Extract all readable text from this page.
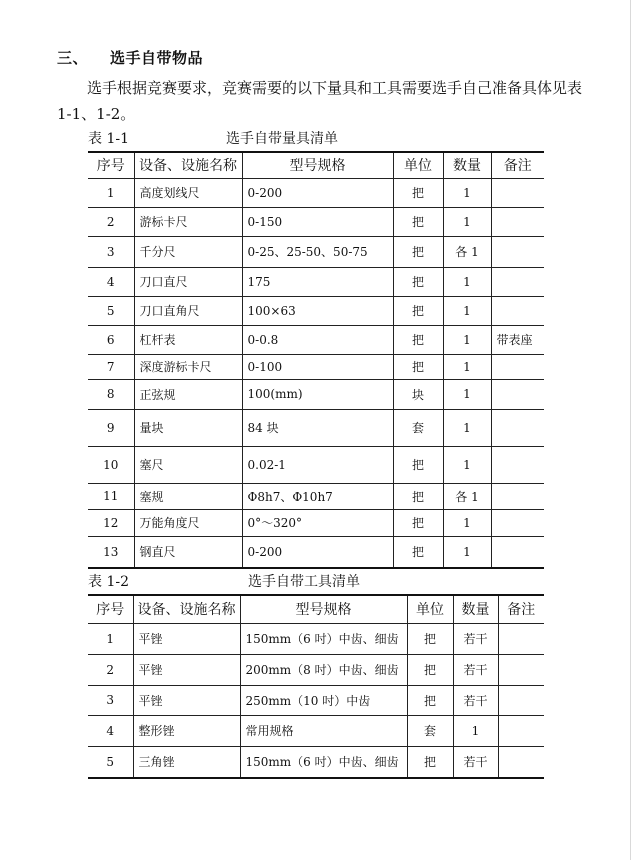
三、 选手自带物品
选手根据竞赛要求，竞赛需要的以下量具和工具需要选手自己准备具体见表1-1、1-2。
表 1-1	选手自带量具清单
序号	设备、设施名称	型号规格	单位	数量	备注
1	高度划线尺	0-200	把	1	
2	游标卡尺	0-150	把	1	
3	千分尺	0-25、25-50、50-75	把	各 1	
4	刀口直尺	175	把	1	
5	刀口直角尺	100×63	把	1	
6	杠杆表	0-0.8	把	1	带表座
7	深度游标卡尺	0-100	把	1	
8	正弦规	100(mm)	块	1	
9	量块	84 块	套	1	
10	塞尺	0.02-1	把	1	
11	塞规	Φ8h7、Φ10h7	把	各 1	
12	万能角度尺	0°～320°	把	1	
13	钢直尺	0-200	把	1	
表 1-2	选手自带工具清单
序号	设备、设施名称	型号规格	单位	数量	备注
1	平锉	150mm（6 吋）中齿、细齿	把	若干	
2	平锉	200mm（8 吋）中齿、细齿	把	若干	
3	平锉	250mm（10 吋）中齿	把	若干	
4	整形锉	常用规格	套	1	
5	三角锉	150mm（6 吋）中齿、细齿	把	若干	
